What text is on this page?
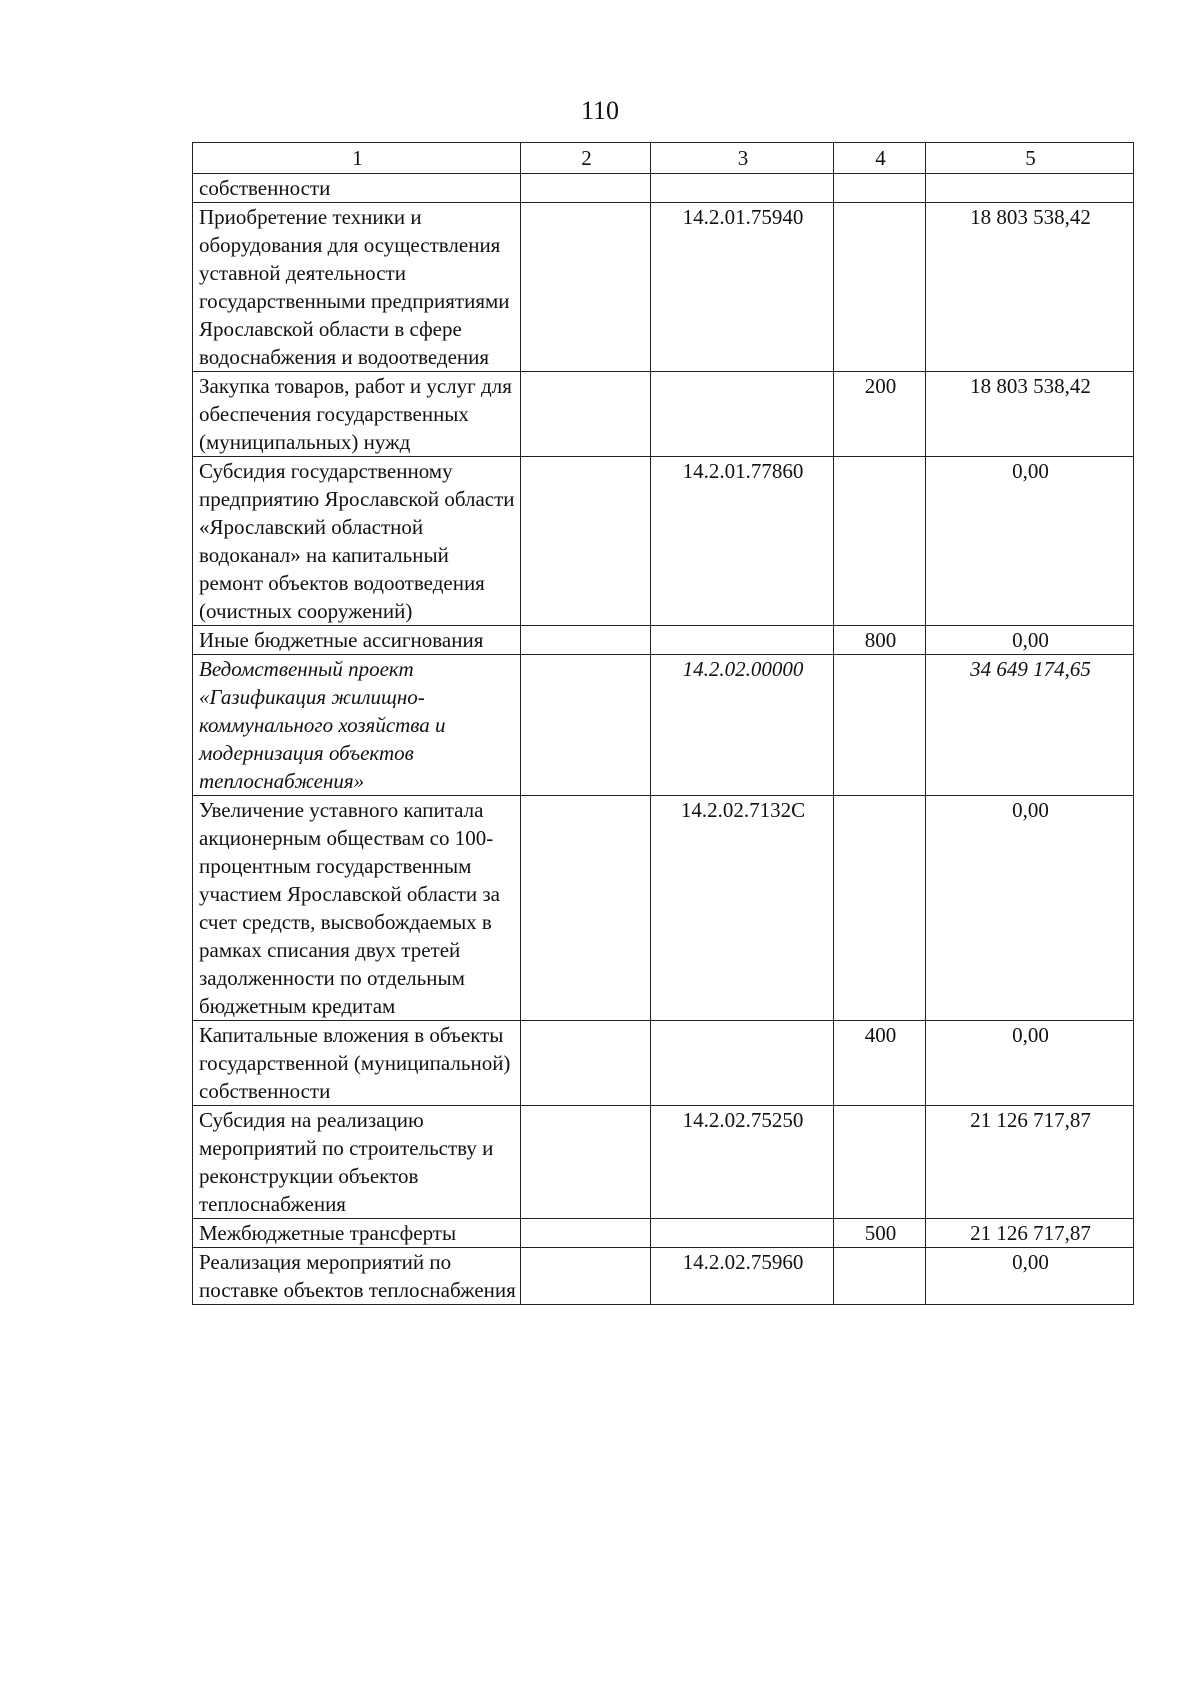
110
1	2	3	4	5
собственности				
Приобретение техники и оборудования для осуществления уставной деятельности государственными предприятиями Ярославской области в сфере водоснабжения и водоотведения		14.2.01.75940		18 803 538,42
Закупка товаров, работ и услуг для обеспечения государственных (муниципальных) нужд			200	18 803 538,42
Субсидия государственному предприятию Ярославской области «Ярославский областной водоканал» на капитальный ремонт объектов водоотведения (очистных сооружений)		14.2.01.77860		0,00
Иные бюджетные ассигнования			800	0,00
Ведомственный проект «Газификация жилищно-коммунального хозяйства и модернизация объектов теплоснабжения»		14.2.02.00000		34 649 174,65
Увеличение уставного капитала акционерным обществам со 100-процентным государственным участием Ярославской области за счет средств, высвобождаемых в рамках списания двух третей задолженности по отдельным бюджетным кредитам		14.2.02.7132С		0,00
Капитальные вложения в объекты государственной (муниципальной) собственности			400	0,00
Субсидия на реализацию мероприятий по строительству и реконструкции объектов теплоснабжения		14.2.02.75250		21 126 717,87
Межбюджетные трансферты			500	21 126 717,87
Реализация мероприятий по поставке объектов теплоснабжения		14.2.02.75960		0,00
